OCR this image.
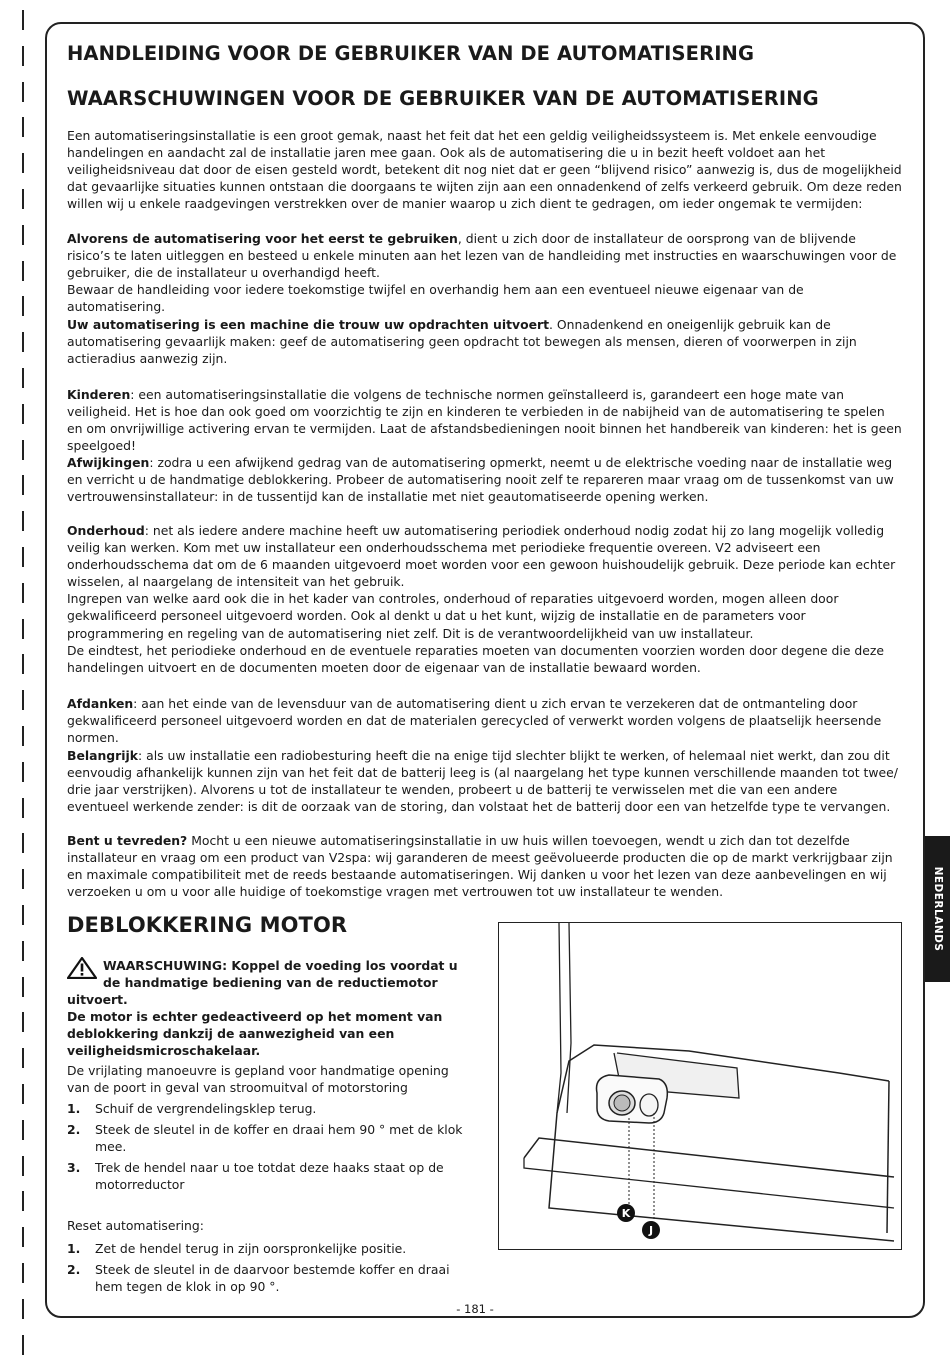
HANDLEIDING VOOR DE GEBRUIKER VAN DE AUTOMATISERING
WAARSCHUWINGEN VOOR DE GEBRUIKER VAN DE AUTOMATISERING

Een automatiseringsinstallatie is een groot gemak, naast het feit dat het een geldig veiligheidssysteem is. Met enkele eenvoudige handelingen en aandacht zal de installatie jaren mee gaan. Ook als de automatisering die u in bezit heeft voldoet aan het veiligheidsniveau dat door de eisen gesteld wordt, betekent dit nog niet dat er geen “blijvend risico” aanwezig is, dus de mogelijkheid dat gevaarlijke situaties kunnen ontstaan die doorgaans te wijten zijn aan een onnadenkend of zelfs verkeerd gebruik. Om deze reden willen wij u enkele raadgevingen verstrekken over de manier waarop u zich dient te gedragen, om ieder ongemak te vermijden:

Alvorens de automatisering voor het eerst te gebruiken, dient u zich door de installateur de oorsprong van de blijvende risico’s te laten uitleggen en besteed u enkele minuten aan het lezen van de handleiding met instructies en waarschuwingen voor de gebruiker, die de installateur u overhandigd heeft.
Bewaar de handleiding voor iedere toekomstige twijfel en overhandig hem aan een eventueel nieuwe eigenaar van de automatisering.

Uw automatisering is een machine die trouw uw opdrachten uitvoert. Onnadenkend en oneigenlijk gebruik kan de automatisering gevaarlijk maken: geef de automatisering geen opdracht tot bewegen als mensen, dieren of voorwerpen in zijn actieradius aanwezig zijn.

Kinderen: een automatiseringsinstallatie die volgens de technische normen geïnstalleerd is, garandeert een hoge mate van veiligheid. Het is hoe dan ook goed om voorzichtig te zijn en kinderen te verbieden in de nabijheid van de automatisering te spelen en om onvrijwillige activering ervan te vermijden. Laat de afstandsbedieningen nooit binnen het handbereik van kinderen: het is geen speelgoed!

Afwijkingen: zodra u een afwijkend gedrag van de automatisering opmerkt, neemt u de elektrische voeding naar de installatie weg en verricht u de handmatige deblokkering. Probeer de automatisering nooit zelf te repareren maar vraag om de tussenkomst van uw vertrouwensinstallateur: in de tussentijd kan de installatie met niet geautomatiseerde opening werken.

Onderhoud: net als iedere andere machine heeft uw automatisering periodiek onderhoud nodig zodat hij zo lang mogelijk volledig veilig kan werken. Kom met uw installateur een onderhoudsschema met periodieke frequentie overeen. V2 adviseert een onderhoudsschema dat om de 6 maanden uitgevoerd moet worden voor een gewoon huishoudelijk gebruik. Deze periode kan echter wisselen, al naargelang de intensiteit van het gebruik.
Ingrepen van welke aard ook die in het kader van controles, onderhoud of reparaties uitgevoerd worden, mogen alleen door gekwalificeerd personeel uitgevoerd worden. Ook al denkt u dat u het kunt, wijzig de installatie en de parameters voor programmering en regeling van de automatisering niet zelf. Dit is de verantwoordelijkheid van uw installateur.
De eindtest, het periodieke onderhoud en de eventuele reparaties moeten van documenten voorzien worden door degene die deze handelingen uitvoert en de documenten moeten door de eigenaar van de installatie bewaard worden.

Afdanken: aan het einde van de levensduur van de automatisering dient u zich ervan te verzekeren dat de ontmanteling door gekwalificeerd personeel uitgevoerd worden en dat de materialen gerecycled of verwerkt worden volgens de plaatselijk heersende normen.

Belangrijk: als uw installatie een radiobesturing heeft die na enige tijd slechter blijkt te werken, of helemaal niet werkt, dan zou dit eenvoudig afhankelijk kunnen zijn van het feit dat de batterij leeg is (al naargelang het type kunnen verschillende maanden tot twee/ drie jaar verstrijken). Alvorens u tot de installateur te wenden, probeert u de batterij te verwisselen met die van een andere eventueel werkende zender: is dit de oorzaak van de storing, dan volstaat het de batterij door een van hetzelfde type te vervangen.

Bent u tevreden? Mocht u een nieuwe automatiseringsinstallatie in uw huis willen toevoegen, wendt u zich dan tot dezelfde installateur en vraag om een product van V2spa: wij garanderen de meest geëvolueerde producten die op de markt verkrijgbaar zijn en maximale compatibiliteit met de reeds bestaande automatiseringen. Wij danken u voor het lezen van deze aanbevelingen en wij verzoeken u om u voor alle huidige of toekomstige vragen met vertrouwen tot uw installateur te wenden.

DEBLOKKERING MOTOR
WAARSCHUWING: Koppel de voeding los voordat u de handmatige bediening van de reductiemotor uitvoert.
De motor is echter gedeactiveerd op het moment van deblokkering dankzij de aanwezigheid van een veiligheidsmicroschakelaar.
De vrijlating manoeuvre is gepland voor handmatige opening van de poort in geval van stroomuitval of motorstoring
1. Schuif de vergrendelingsklep terug.
2. Steek de sleutel in de koffer en draai hem 90 ° met de klok mee.
3. Trek de hendel naar u toe totdat deze haaks staat op de motorreductor
Reset automatisering:
1. Zet de hendel terug in zijn oorspronkelijke positie.
2. Steek de sleutel in de daarvoor bestemde koffer en draai hem tegen de klok in op 90 °.
K
J
NEDERLANDS
- 181 -
